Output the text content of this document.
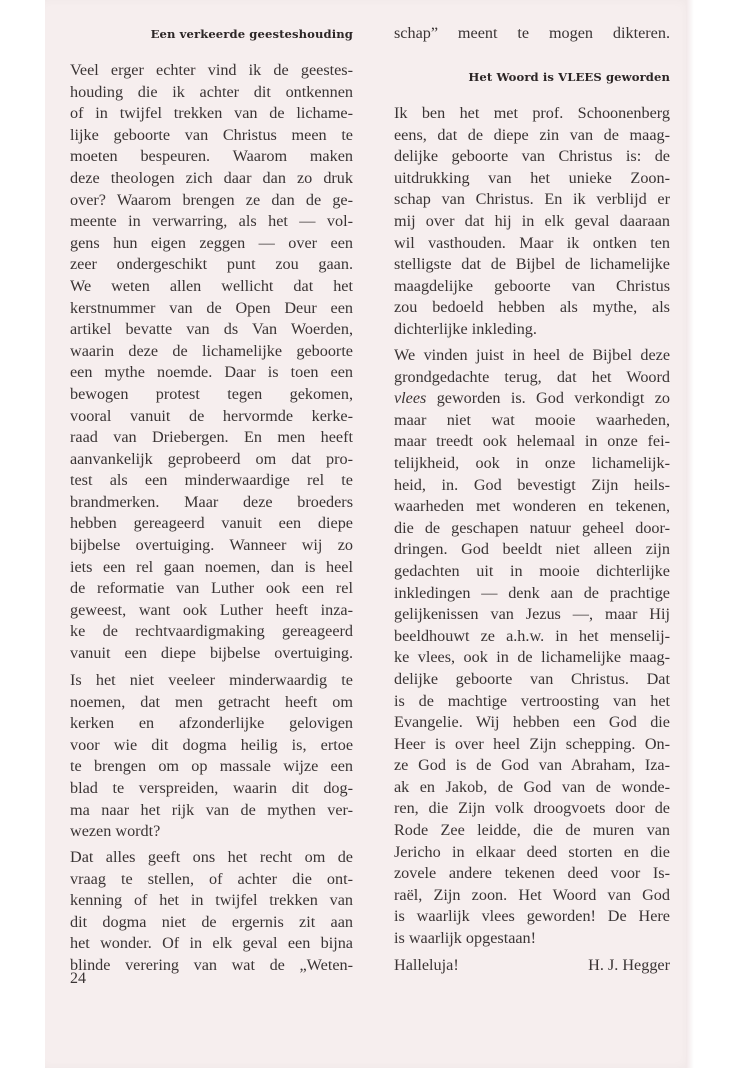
Een verkeerde geesteshouding
Veel erger echter vind ik de geestes-
houding die ik achter dit ontkennen
of in twijfel trekken van de lichame-
lijke geboorte van Christus meen te
moeten bespeuren. Waarom maken
deze theologen zich daar dan zo druk
over? Waarom brengen ze dan de ge-
meente in verwarring, als het — vol-
gens hun eigen zeggen — over een
zeer ondergeschikt punt zou gaan.
We weten allen wellicht dat het
kerstnummer van de Open Deur een
artikel bevatte van ds Van Woerden,
waarin deze de lichamelijke geboorte
een mythe noemde. Daar is toen een
bewogen protest tegen gekomen,
vooral vanuit de hervormde kerke-
raad van Driebergen. En men heeft
aanvankelijk geprobeerd om dat pro-
test als een minderwaardige rel te
brandmerken. Maar deze broeders
hebben gereageerd vanuit een diepe
bijbelse overtuiging. Wanneer wij zo
iets een rel gaan noemen, dan is heel
de reformatie van Luther ook een rel
geweest, want ook Luther heeft inza-
ke de rechtvaardigmaking gereageerd
vanuit een diepe bijbelse overtuiging.
Is het niet veeleer minderwaardig te
noemen, dat men getracht heeft om
kerken en afzonderlijke gelovigen
voor wie dit dogma heilig is, ertoe
te brengen om op massale wijze een
blad te verspreiden, waarin dit dog-
ma naar het rijk van de mythen ver-
wezen wordt?
Dat alles geeft ons het recht om de
vraag te stellen, of achter die ont-
kenning of het in twijfel trekken van
dit dogma niet de ergernis zit aan
het wonder. Of in elk geval een bijna
blinde verering van wat de „Weten-
24
schap” meent te mogen dikteren.
Het Woord is VLEES geworden
Ik ben het met prof. Schoonenberg
eens, dat de diepe zin van de maag-
delijke geboorte van Christus is: de
uitdrukking van het unieke Zoon-
schap van Christus. En ik verblijd er
mij over dat hij in elk geval daaraan
wil vasthouden. Maar ik ontken ten
stelligste dat de Bijbel de lichamelijke
maagdelijke geboorte van Christus
zou bedoeld hebben als mythe, als
dichterlijke inkleding.
We vinden juist in heel de Bijbel deze
grondgedachte terug, dat het Woord
vlees geworden is. God verkondigt zo
maar niet wat mooie waarheden,
maar treedt ook helemaal in onze fei-
telijkheid, ook in onze lichamelijk-
heid, in. God bevestigt Zijn heils-
waarheden met wonderen en tekenen,
die de geschapen natuur geheel door-
dringen. God beeldt niet alleen zijn
gedachten uit in mooie dichterlijke
inkledingen — denk aan de prachtige
gelijkenissen van Jezus —, maar Hij
beeldhouwt ze a.h.w. in het menselij-
ke vlees, ook in de lichamelijke maag-
delijke geboorte van Christus. Dat
is de machtige vertroosting van het
Evangelie. Wij hebben een God die
Heer is over heel Zijn schepping. On-
ze God is de God van Abraham, Iza-
ak en Jakob, de God van de wonde-
ren, die Zijn volk droogvoets door de
Rode Zee leidde, die de muren van
Jericho in elkaar deed storten en die
zovele andere tekenen deed voor Is-
raël, Zijn zoon. Het Woord van God
is waarlijk vlees geworden! De Here
is waarlijk opgestaan!
Halleluja!	H. J. Hegger
